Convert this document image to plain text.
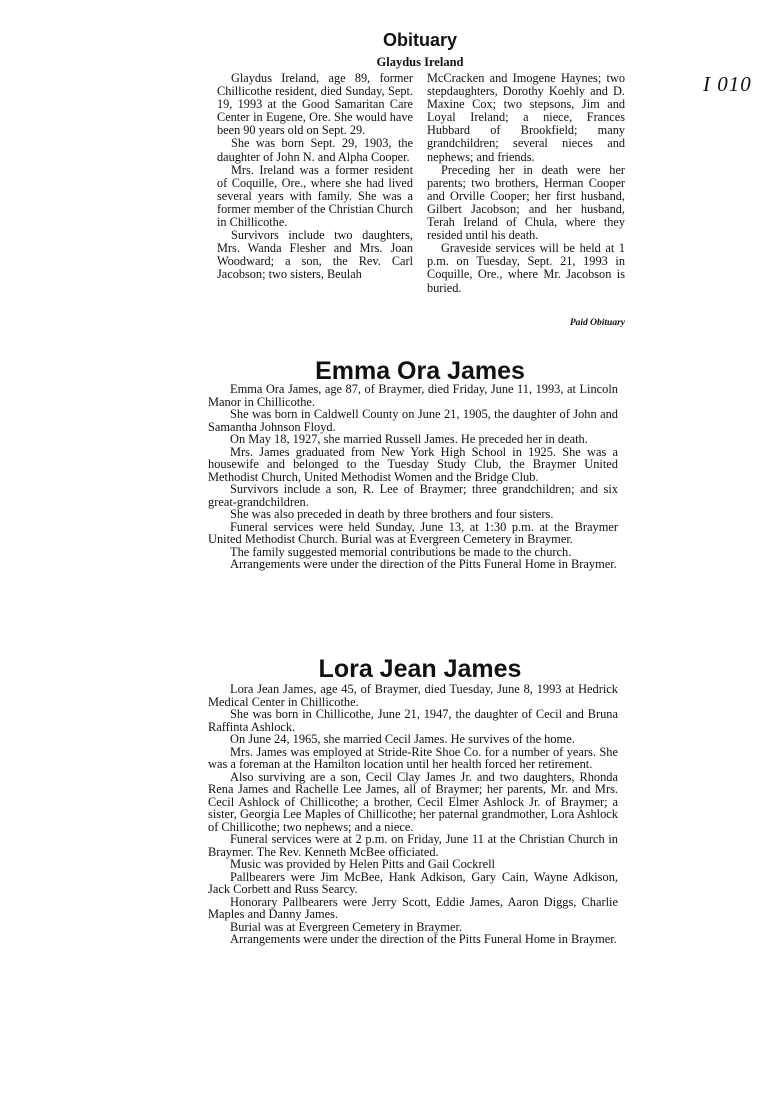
Obituary
Glaydus Ireland

Glaydus Ireland, age 89, former Chillicothe resident, died Sunday, Sept. 19, 1993 at the Good Samaritan Care Center in Eugene, Ore. She would have been 90 years old on Sept. 29.

She was born Sept. 29, 1903, the daughter of John N. and Alpha Cooper.

Mrs. Ireland was a former resident of Coquille, Ore., where she had lived several years with family. She was a former member of the Christian Church in Chillicothe.

Survivors include two daughters, Mrs. Wanda Flesher and Mrs. Joan Woodward; a son, the Rev. Carl Jacobson; two sisters, Beulah

McCracken and Imogene Haynes; two stepdaughters, Dorothy Koehly and D. Maxine Cox; two stepsons, Jim and Loyal Ireland; a niece, Frances Hubbard of Brookfield; many grandchildren; several nieces and nephews; and friends.

Preceding her in death were her parents; two brothers, Herman Cooper and Orville Cooper; her first husband, Gilbert Jacobson; and her husband, Terah Ireland of Chula, where they resided until his death.

Graveside services will be held at 1 p.m. on Tuesday, Sept. 21, 1993 in Coquille, Ore., where Mr. Jacobson is buried.

Paid Obituary
I 010
Emma Ora James

Emma Ora James, age 87, of Braymer, died Friday, June 11, 1993, at Lincoln Manor in Chillicothe.

She was born in Caldwell County on June 21, 1905, the daughter of John and Samantha Johnson Floyd.

On May 18, 1927, she married Russell James. He preceded her in death.

Mrs. James graduated from New York High School in 1925. She was a housewife and belonged to the Tuesday Study Club, the Braymer United Methodist Church, United Methodist Women and the Bridge Club.

Survivors include a son, R. Lee of Braymer; three grandchildren; and six great-grandchildren.

She was also preceded in death by three brothers and four sisters.

Funeral services were held Sunday, June 13, at 1:30 p.m. at the Braymer United Methodist Church. Burial was at Evergreen Cemetery in Braymer.

The family suggested memorial contributions be made to the church.

Arrangements were under the direction of the Pitts Funeral Home in Braymer.

Lora Jean James

Lora Jean James, age 45, of Braymer, died Tuesday, June 8, 1993 at Hedrick Medical Center in Chillicothe.

She was born in Chillicothe, June 21, 1947, the daughter of Cecil and Bruna Raffinta Ashlock.

On June 24, 1965, she married Cecil James. He survives of the home.

Mrs. James was employed at Stride-Rite Shoe Co. for a number of years. She was a foreman at the Hamilton location until her health forced her retirement.

Also surviving are a son, Cecil Clay James Jr. and two daughters, Rhonda Rena James and Rachelle Lee James, all of Braymer; her parents, Mr. and Mrs. Cecil Ashlock of Chillicothe; a brother, Cecil Elmer Ashlock Jr. of Braymer; a sister, Georgia Lee Maples of Chillicothe; her paternal grandmother, Lora Ashlock of Chillicothe; two nephews; and a niece.

Funeral services were at 2 p.m. on Friday, June 11 at the Christian Church in Braymer. The Rev. Kenneth McBee officiated.

Music was provided by Helen Pitts and Gail Cockrell

Pallbearers were Jim McBee, Hank Adkison, Gary Cain, Wayne Adkison, Jack Corbett and Russ Searcy.

Honorary Pallbearers were Jerry Scott, Eddie James, Aaron Diggs, Charlie Maples and Danny James.

Burial was at Evergreen Cemetery in Braymer.

Arrangements were under the direction of the Pitts Funeral Home in Braymer.
